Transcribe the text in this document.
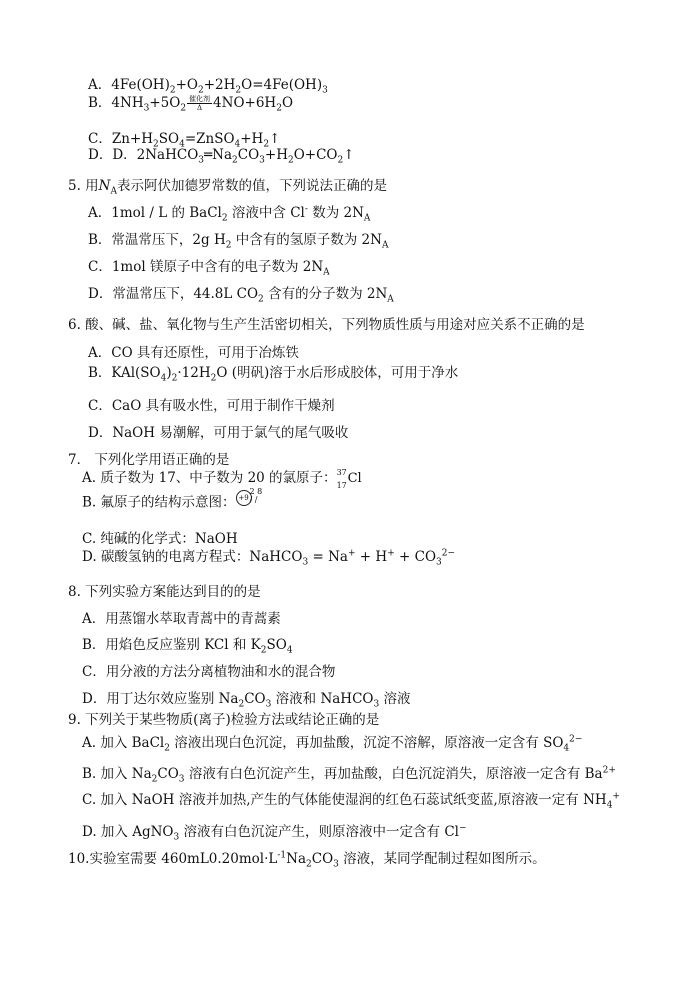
A．$4Fe(OH)_2+O_2+2H_2O=4Fe(OH)_3$
B．$4NH_3+5O_2 \frac{\text{催化剂}}{\Delta} 4NO+6H_2O$
C．$Zn+H_2SO_4=ZnSO_4+H_2↑$
D．D．$2NaHCO_3═Na_2CO_3+H_2O+CO_2↑$
5. 用$N_A$表示阿伏加德罗常数的值，下列说法正确的是
A．1mol / L 的 BaCl$_2$ 溶液中含 Cl- 数为 $2N_A$
B．常温常压下，2g $H_2$ 中含有的氢原子数为 $2N_A$
C．1mol 镁原子中含有的电子数为 $2N_A$
D．常温常压下，44.8L $CO_2$ 含有的分子数为 $2N_A$
6. 酸、碱、盐、氧化物与生产生活密切相关，下列物质性质与用途对应关系不正确的是
A．CO 具有还原性，可用于冶炼铁
B．$KAl(SO_4)_2\cdot 12H_2O$ (明矾)溶于水后形成胶体，可用于净水
C．CaO 具有吸水性，可用于制作干燥剂
D．NaOH 易潮解，可用于氯气的尾气吸收
7． 下列化学用语正确的是
A. 质子数为 17、中子数为 20 的氯原子： 37
17 Cl
B. 氟原子的结构示意图： +9
2 8
/ /
C. 纯碱的化学式：NaOH
D. 碳酸氢钠的电离方程式：NaHCO$_3$ = $Na^+ + H^+ + CO_3^{2-}$
8. 下列实验方案能达到目的的是
A．用蒸馏水萃取青蒿中的青蒿素
B．用焰色反应鉴别 KCl 和 $K_2SO_4$
C．用分液的方法分离植物油和水的混合物
D．用丁达尔效应鉴别 $Na_2CO_3$ 溶液和 NaHCO$_3$ 溶液
9. 下列关于某些物质(离子)检验方法或结论正确的是
A. 加入 BaCl$_2$ 溶液出现白色沉淀，再加盐酸，沉淀不溶解，原溶液一定含有 $SO_4^{2-}$
B. 加入 $Na_2CO_3$ 溶液有白色沉淀产生，再加盐酸，白色沉淀消失，原溶液一定含有 $Ba^{2+}$
C. 加入 NaOH 溶液并加热,产生的气体能使湿润的红色石蕊试纸变蓝,原溶液一定有 $NH_4^+$
D. 加入 AgNO$_3$ 溶液有白色沉淀产生，则原溶液中一定含有 Cl−
10.实验室需要 $460mL0.20mol\cdot L^{-1}Na_2CO_3$ 溶液，某同学配制过程如图所示。
